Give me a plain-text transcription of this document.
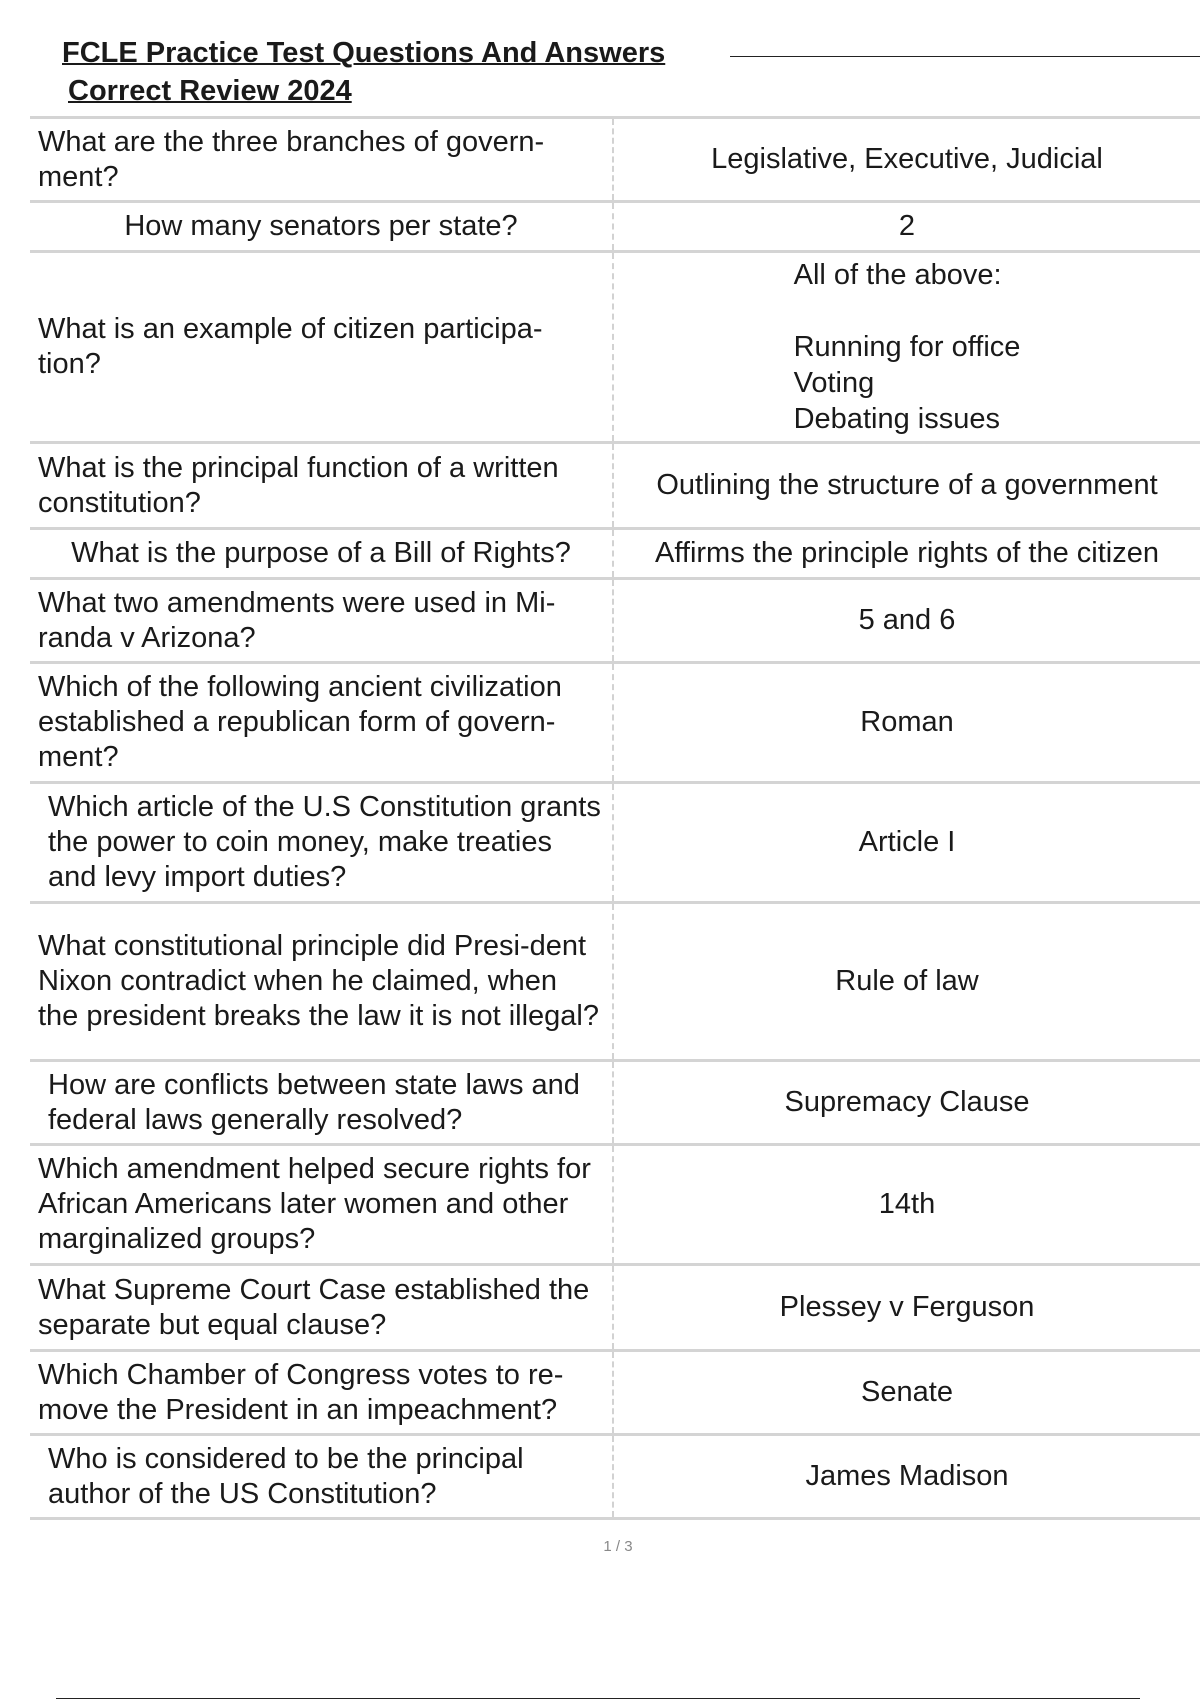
FCLE Practice Test Questions And Answers

Correct Review 2024
What are the three branches of govern-ment?	Legislative, Executive, Judicial
How many senators per state?	2
What is an example of citizen participa-tion?	All of the above:

Running for office
Voting
Debating issues

What is the principal function of a written constitution?	Outlining the structure of a government
What is the purpose of a Bill of Rights?	Affirms the principle rights of the citizen
What two amendments were used in Mi-randa v Arizona?	5 and 6
Which of the following ancient civilization established a republican form of govern-ment?	Roman
Which article of the U.S Constitution grants the power to coin money, make treaties and levy import duties?	Article I
What constitutional principle did Presi-dent Nixon contradict when he claimed, when the president breaks the law it is not illegal?	Rule of law
How are conflicts between state laws and federal laws generally resolved?	Supremacy Clause
Which amendment helped secure rights for African Americans later women and other marginalized groups?	14th
What Supreme Court Case established the separate but equal clause?	Plessey v Ferguson
Which Chamber of Congress votes to re-move the President in an impeachment?	Senate
Who is considered to be the principal author of the US Constitution?	James Madison
1 / 3
